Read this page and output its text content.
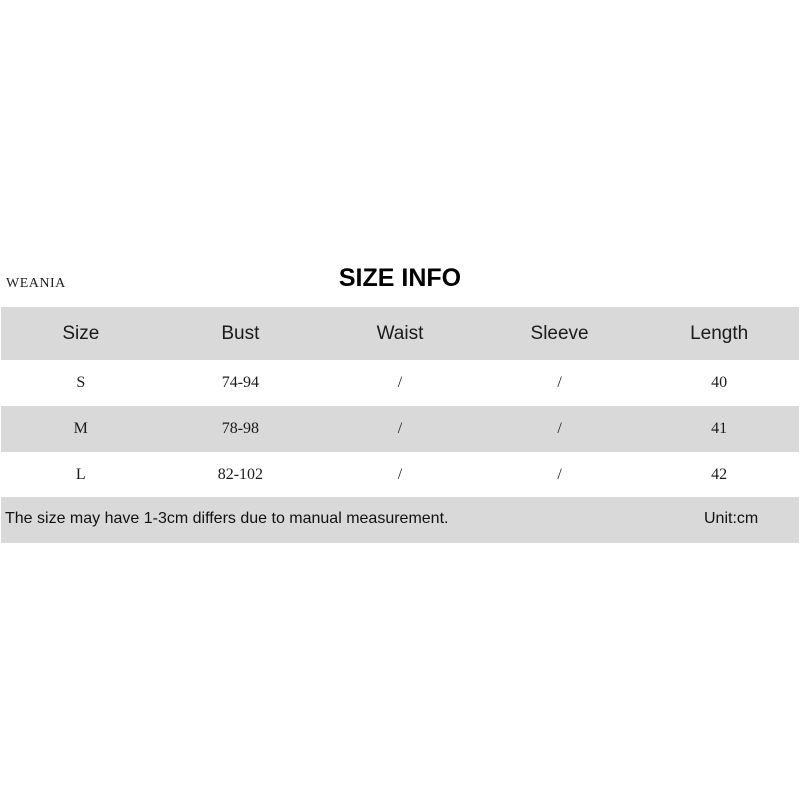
WEANIA	SIZE INFO
Size	Bust	Waist	Sleeve	Length
S	74-94	/	/	40
M	78-98	/	/	41
L	82-102	/	/	42
The size may have 1-3cm differs due to manual measurement.	Unit:cm
